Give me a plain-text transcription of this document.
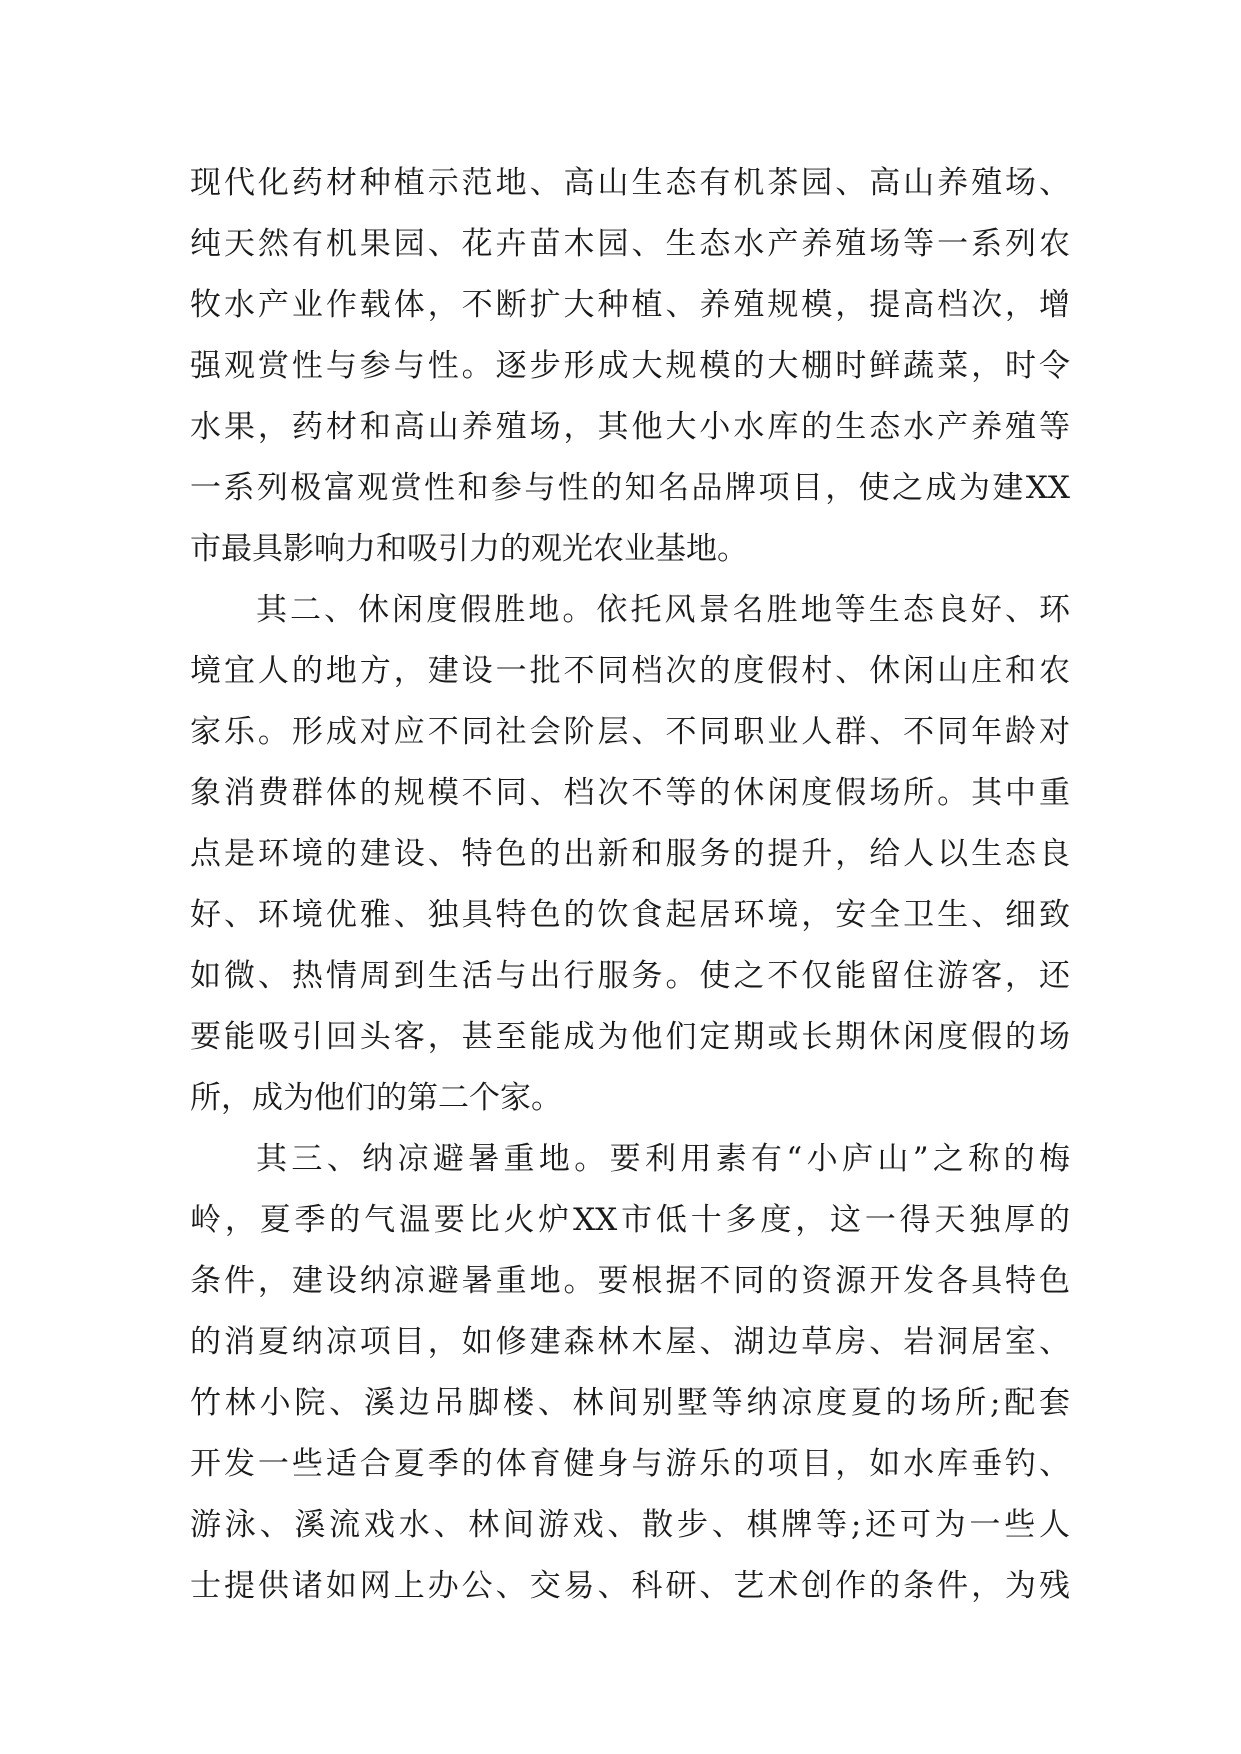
现代化药材种植示范地、高山生态有机茶园、高山养殖场、
纯天然有机果园、花卉苗木园、生态水产养殖场等一系列农
牧水产业作载体，不断扩大种植、养殖规模，提高档次，增
强观赏性与参与性。逐步形成大规模的大棚时鲜蔬菜，时令
水果，药材和高山养殖场，其他大小水库的生态水产养殖等
一系列极富观赏性和参与性的知名品牌项目，使之成为建XX
市最具影响力和吸引力的观光农业基地。
其二、休闲度假胜地。依托风景名胜地等生态良好、环
境宜人的地方，建设一批不同档次的度假村、休闲山庄和农
家乐。形成对应不同社会阶层、不同职业人群、不同年龄对
象消费群体的规模不同、档次不等的休闲度假场所。其中重
点是环境的建设、特色的出新和服务的提升，给人以生态良
好、环境优雅、独具特色的饮食起居环境，安全卫生、细致
如微、热情周到生活与出行服务。使之不仅能留住游客，还
要能吸引回头客，甚至能成为他们定期或长期休闲度假的场
所，成为他们的第二个家。
其三、纳凉避暑重地。要利用素有“小庐山”之称的梅
岭，夏季的气温要比火炉XX市低十多度，这一得天独厚的
条件，建设纳凉避暑重地。要根据不同的资源开发各具特色
的消夏纳凉项目，如修建森林木屋、湖边草房、岩洞居室、
竹林小院、溪边吊脚楼、林间别墅等纳凉度夏的场所;配套
开发一些适合夏季的体育健身与游乐的项目，如水库垂钓、
游泳、溪流戏水、林间游戏、散步、棋牌等;还可为一些人
士提供诸如网上办公、交易、科研、艺术创作的条件，为残
